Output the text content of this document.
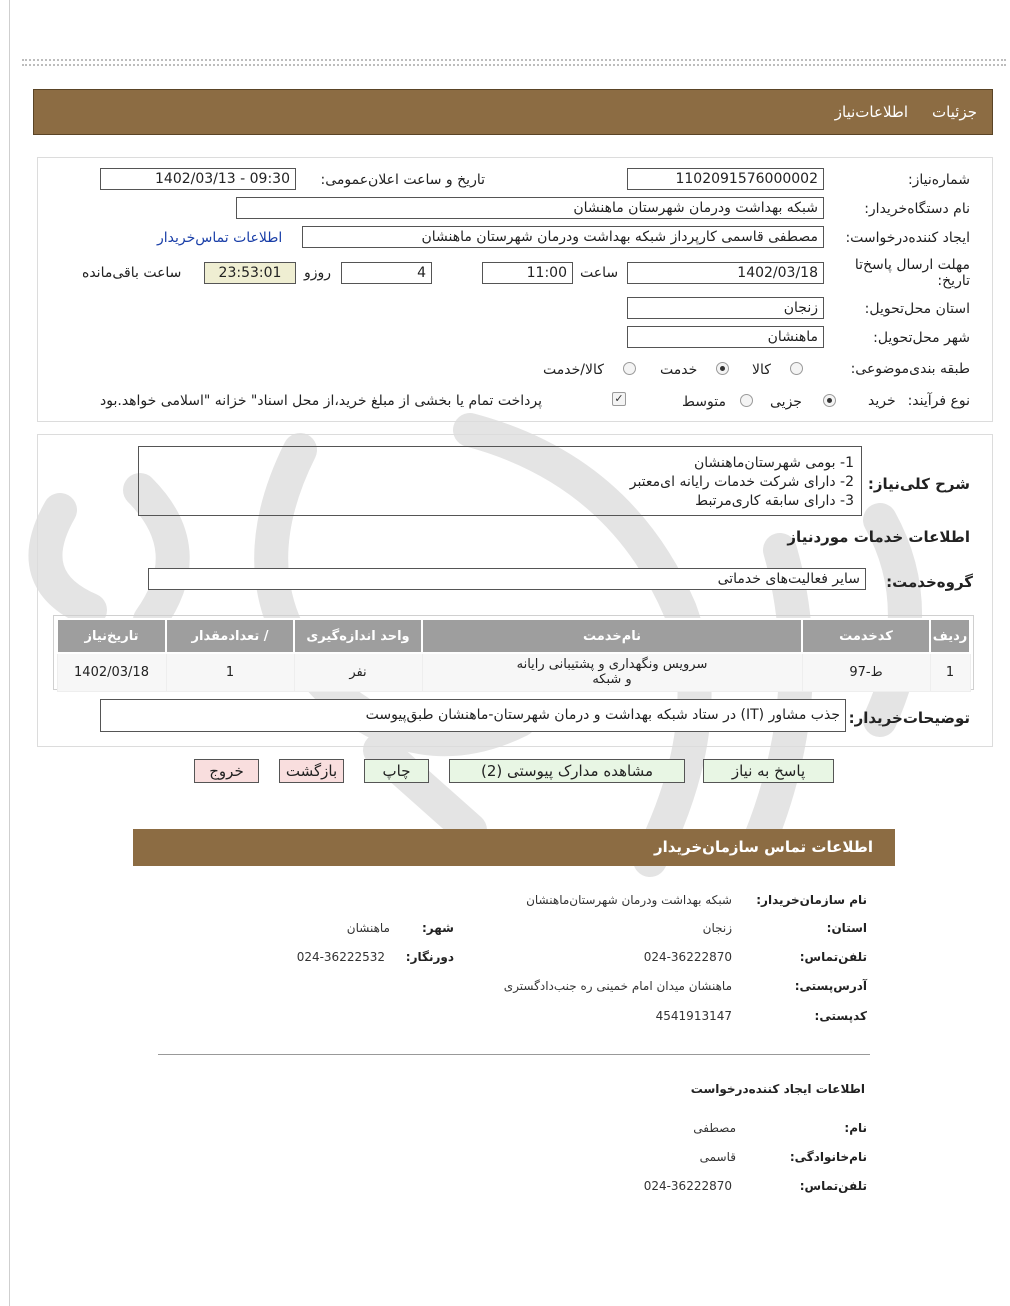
جزئیات
اطلاعات‌نیاز
شماره‌نیاز:
1102091576000002
تاریخ و ساعت اعلان‌عمومی:
1402/03/13 - 09:30
نام دستگاه‌خریدار:
شبکه بهداشت ودرمان شهرستان ماهنشان
ایجاد کننده‌درخواست:
مصطفی قاسمی کارپرداز شبکه بهداشت ودرمان شهرستان ماهنشان
اطلاعات تماس‌خریدار
مهلت ارسال پاسخ‌تا تاریخ:
1402/03/18
ساعت
11:00
4
روزو
23:53:01
ساعت باقی‌مانده
استان محل‌تحویل:
زنجان
شهر محل‌تحویل:
ماهنشان
طبقه بندی‌موضوعی:
کالا
خدمت
کالا/خدمت
نوع فرآیند:
خرید
جزیی
متوسط
✓
پرداخت تمام یا بخشی از مبلغ خرید،از محل اسناد" خزانه "اسلامی خواهد.بود
شرح کلی‌نیاز:
1- بومی شهرستان‌ماهنشان
2- دارای شرکت خدمات رایانه ای‌معتبر
3- دارای سابقه کاری‌مرتبط
اطلاعات خدمات موردنیاز
گروه‌خدمت:
سایر فعالیت‌های خدماتی
ردیف	کدخدمت	نام‌خدمت	واحد اندازه‌گیری	/ تعداد‌مقدار	تاریخ‌نیاز
1	ط-97	سرویس ونگهداری و پشتیبانی رایانه و شبکه	نفر	1	1402/03/18
توضیحات‌خریدار:
جذب مشاور (IT) در ستاد شبکه بهداشت و درمان شهرستان-ماهنشان طبق‌پیوست
پاسخ به نیاز
مشاهده مدارک پیوستی (2)
چاپ
بازگشت
خروج
اطلاعات تماس سازمان‌خریدار
نام سازمان‌خریدار:
شبکه بهداشت ودرمان شهرستان‌ماهنشان
استان:
زنجان
شهر:
ماهنشان
تلفن‌تماس:
024-36222870
دورنگار:
024-36222532
آدرس‌پستی:
ماهنشان میدان امام خمینی ره جنب‌دادگستری
کد‌پستی:
4541913147
اطلاعات ایجاد کننده‌درخواست
نام:
مصطفی
نام‌خانوادگی:
قاسمی
تلفن‌تماس:
024-36222870
